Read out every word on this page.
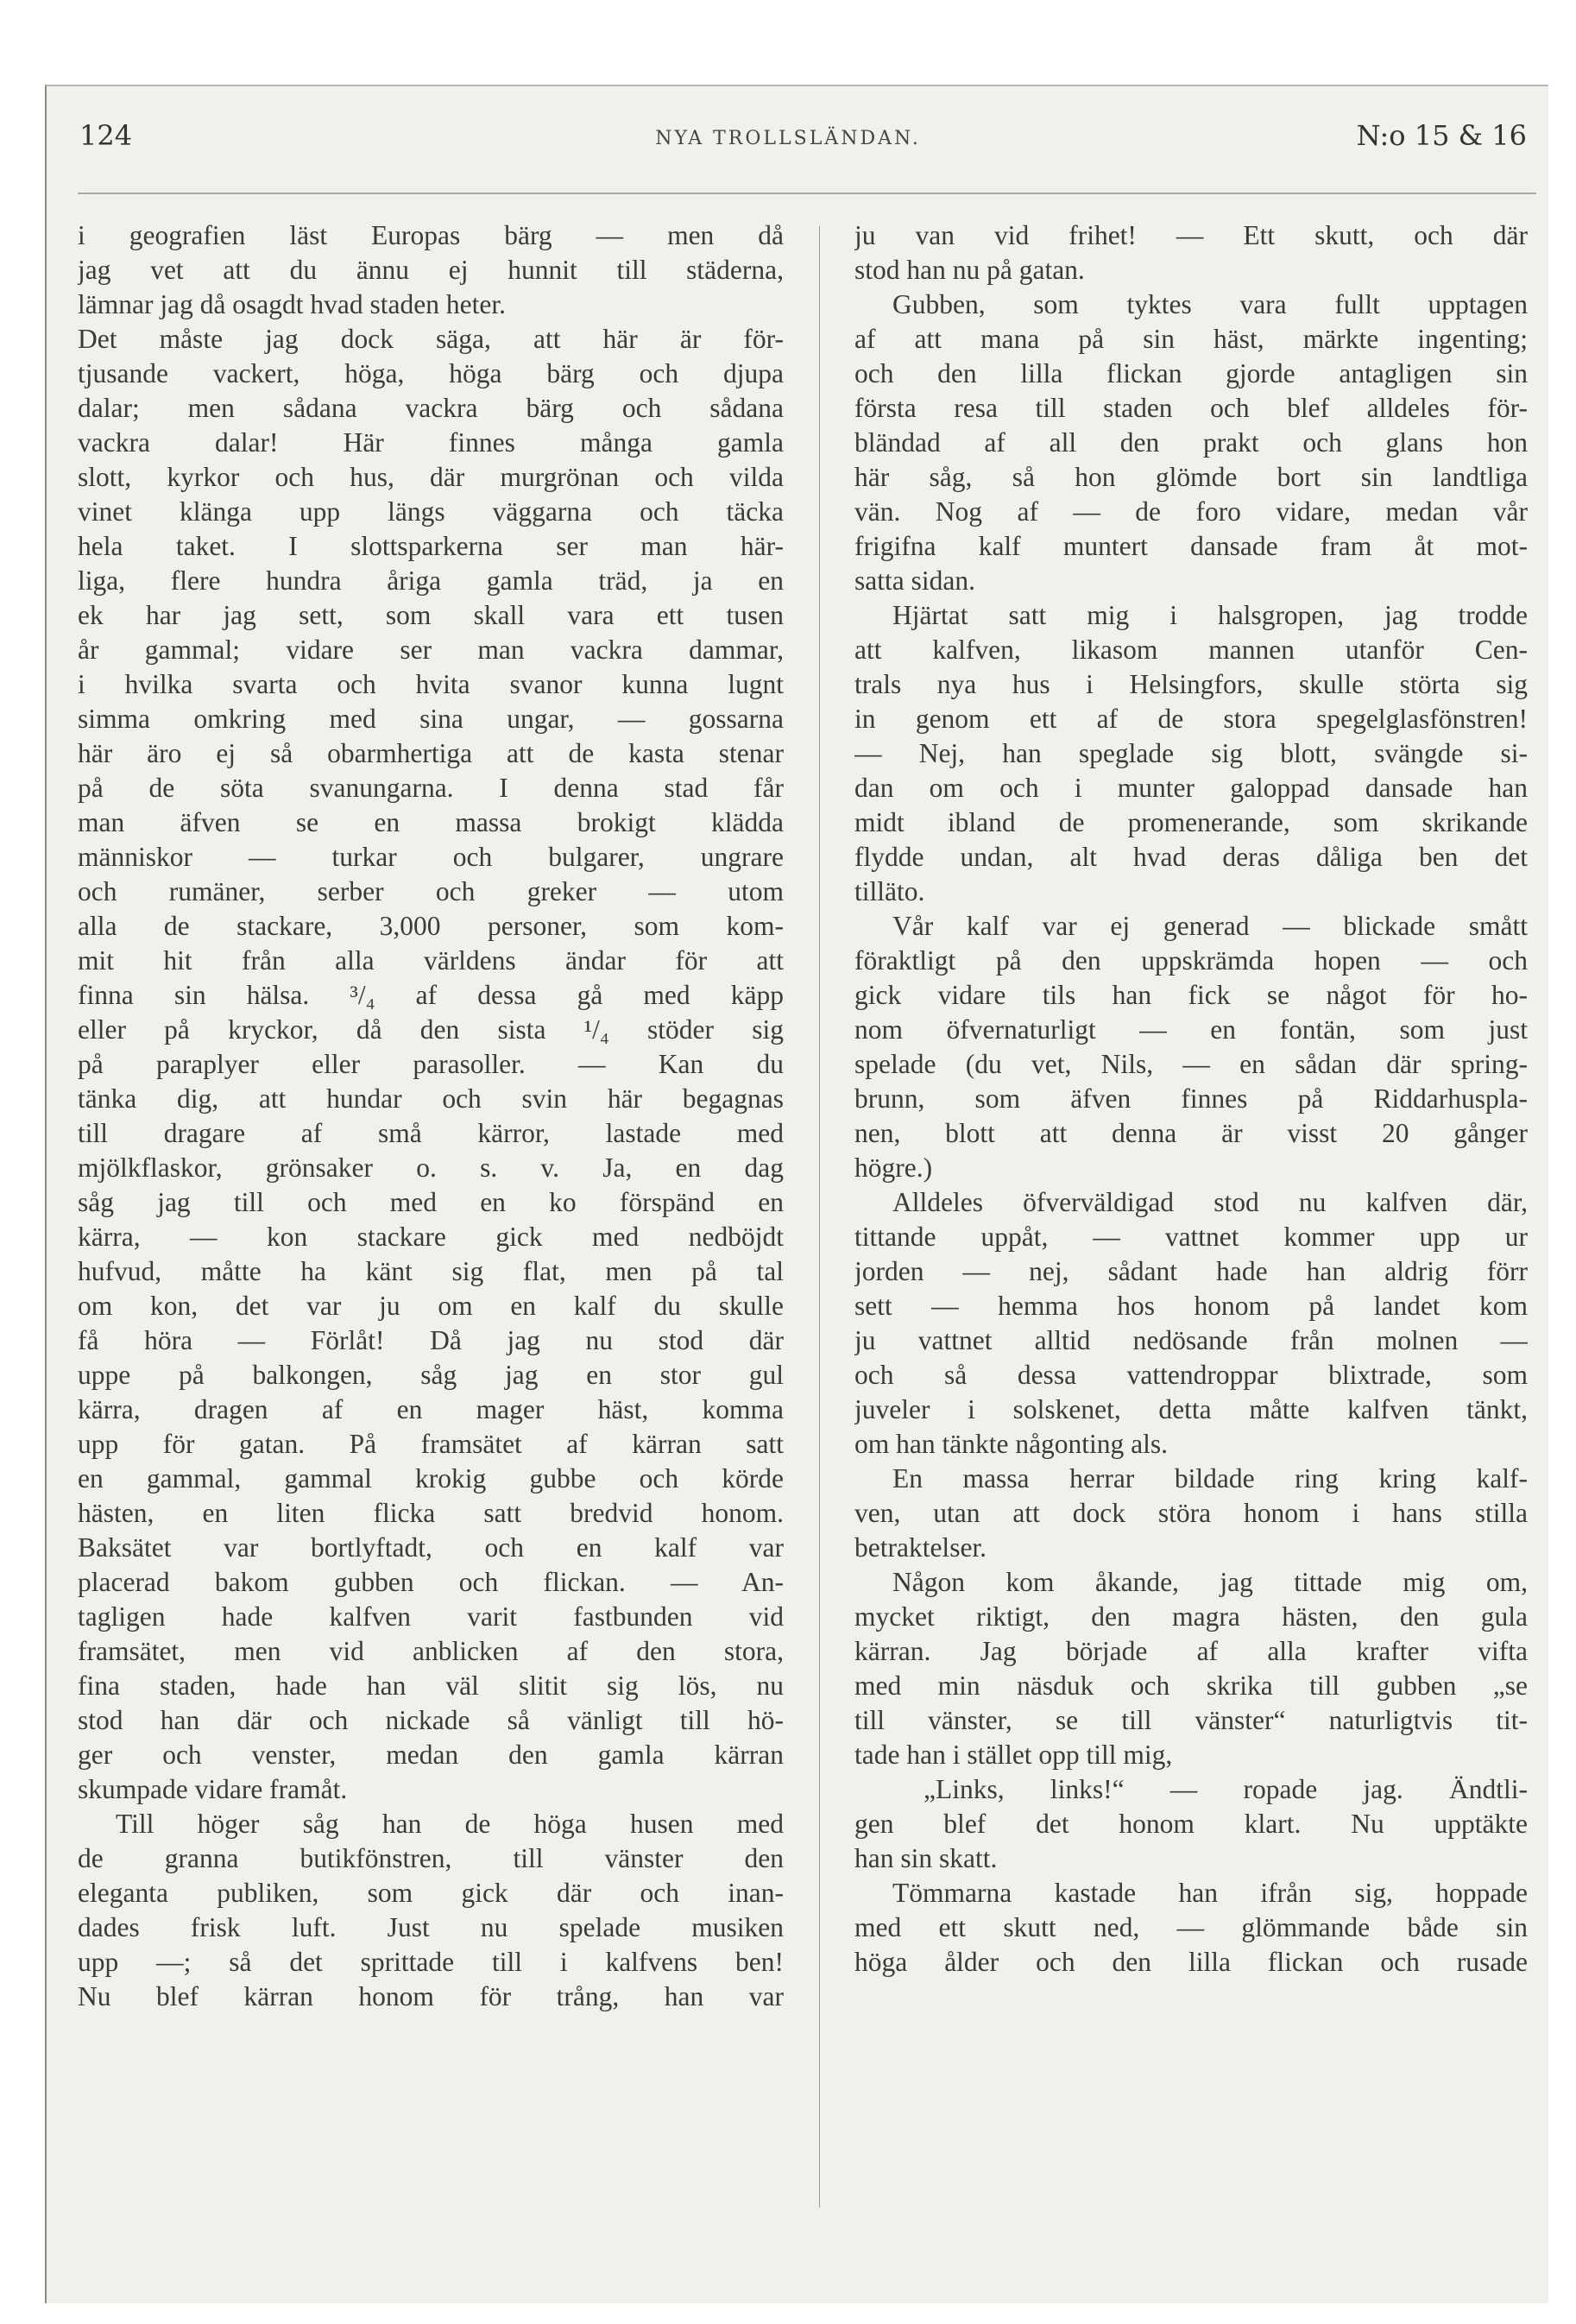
124	NYA TROLLSLÄNDAN.	N:o 15 & 16
i geografien läst Europas bärg — men då
jag vet att du ännu ej hunnit till städerna,
lämnar jag då osagdt hvad staden heter.
Det måste jag dock säga, att här är för-
tjusande vackert, höga, höga bärg och djupa
dalar; men sådana vackra bärg och sådana
vackra dalar! Här finnes många gamla
slott, kyrkor och hus, där murgrönan och vilda
vinet klänga upp längs väggarna och täcka
hela taket. I slottsparkerna ser man här-
liga, flere hundra åriga gamla träd, ja en
ek har jag sett, som skall vara ett tusen
år gammal; vidare ser man vackra dammar,
i hvilka svarta och hvita svanor kunna lugnt
simma omkring med sina ungar, — gossarna
här äro ej så obarmhertiga att de kasta stenar
på de söta svanungarna. I denna stad får
man äfven se en massa brokigt klädda
människor — turkar och bulgarer, ungrare
och rumäner, serber och greker — utom
alla de stackare, 3,000 personer, som kom-
mit hit från alla världens ändar för att
finna sin hälsa. ³/₄ af dessa gå med käpp
eller på kryckor, då den sista ¹/₄ stöder sig
på paraplyer eller parasoller. — Kan du
tänka dig, att hundar och svin här begagnas
till dragare af små kärror, lastade med
mjölkflaskor, grönsaker o. s. v. Ja, en dag
såg jag till och med en ko förspänd en
kärra, — kon stackare gick med nedböjdt
hufvud, måtte ha känt sig flat, men på tal
om kon, det var ju om en kalf du skulle
få höra — Förlåt! Då jag nu stod där
uppe på balkongen, såg jag en stor gul
kärra, dragen af en mager häst, komma
upp för gatan. På framsätet af kärran satt
en gammal, gammal krokig gubbe och körde
hästen, en liten flicka satt bredvid honom.
Baksätet var bortlyftadt, och en kalf var
placerad bakom gubben och flickan. — An-
tagligen hade kalfven varit fastbunden vid
framsätet, men vid anblicken af den stora,
fina staden, hade han väl slitit sig lös, nu
stod han där och nickade så vänligt till hö-
ger och venster, medan den gamla kärran
skumpade vidare framåt.
Till höger såg han de höga husen med
de granna butikfönstren, till vänster den
eleganta publiken, som gick där och inan-
dades frisk luft. Just nu spelade musiken
upp —; så det sprittade till i kalfvens ben!
Nu blef kärran honom för trång, han var
ju van vid frihet! — Ett skutt, och där
stod han nu på gatan.
Gubben, som tyktes vara fullt upptagen
af att mana på sin häst, märkte ingenting;
och den lilla flickan gjorde antagligen sin
första resa till staden och blef alldeles för-
bländad af all den prakt och glans hon
här såg, så hon glömde bort sin landtliga
vän. Nog af — de foro vidare, medan vår
frigifna kalf muntert dansade fram åt mot-
satta sidan.
Hjärtat satt mig i halsgropen, jag trodde
att kalfven, likasom mannen utanför Cen-
trals nya hus i Helsingfors, skulle störta sig
in genom ett af de stora spegelglasfönstren!
— Nej, han speglade sig blott, svängde si-
dan om och i munter galoppad dansade han
midt ibland de promenerande, som skrikande
flydde undan, alt hvad deras dåliga ben det
tilläto.
Vår kalf var ej generad — blickade smått
föraktligt på den uppskrämda hopen — och
gick vidare tils han fick se något för ho-
nom öfvernaturligt — en fontän, som just
spelade (du vet, Nils, — en sådan där spring-
brunn, som äfven finnes på Riddarhuspla-
nen, blott att denna är visst 20 gånger
högre.)
Alldeles öfverväldigad stod nu kalfven där,
tittande uppåt, — vattnet kommer upp ur
jorden — nej, sådant hade han aldrig förr
sett — hemma hos honom på landet kom
ju vattnet alltid nedösande från molnen —
och så dessa vattendroppar blixtrade, som
juveler i solskenet, detta måtte kalfven tänkt,
om han tänkte någonting als.
En massa herrar bildade ring kring kalf-
ven, utan att dock störa honom i hans stilla
betraktelser.
Någon kom åkande, jag tittade mig om,
mycket riktigt, den magra hästen, den gula
kärran. Jag började af alla krafter vifta
med min näsduk och skrika till gubben „se
till vänster, se till vänster“ naturligtvis tit-
tade han i stället opp till mig,
„Links, links!“ — ropade jag. Ändtli-
gen blef det honom klart. Nu upptäkte
han sin skatt.
Tömmarna kastade han ifrån sig, hoppade
med ett skutt ned, — glömmande både sin
höga ålder och den lilla flickan och rusade
